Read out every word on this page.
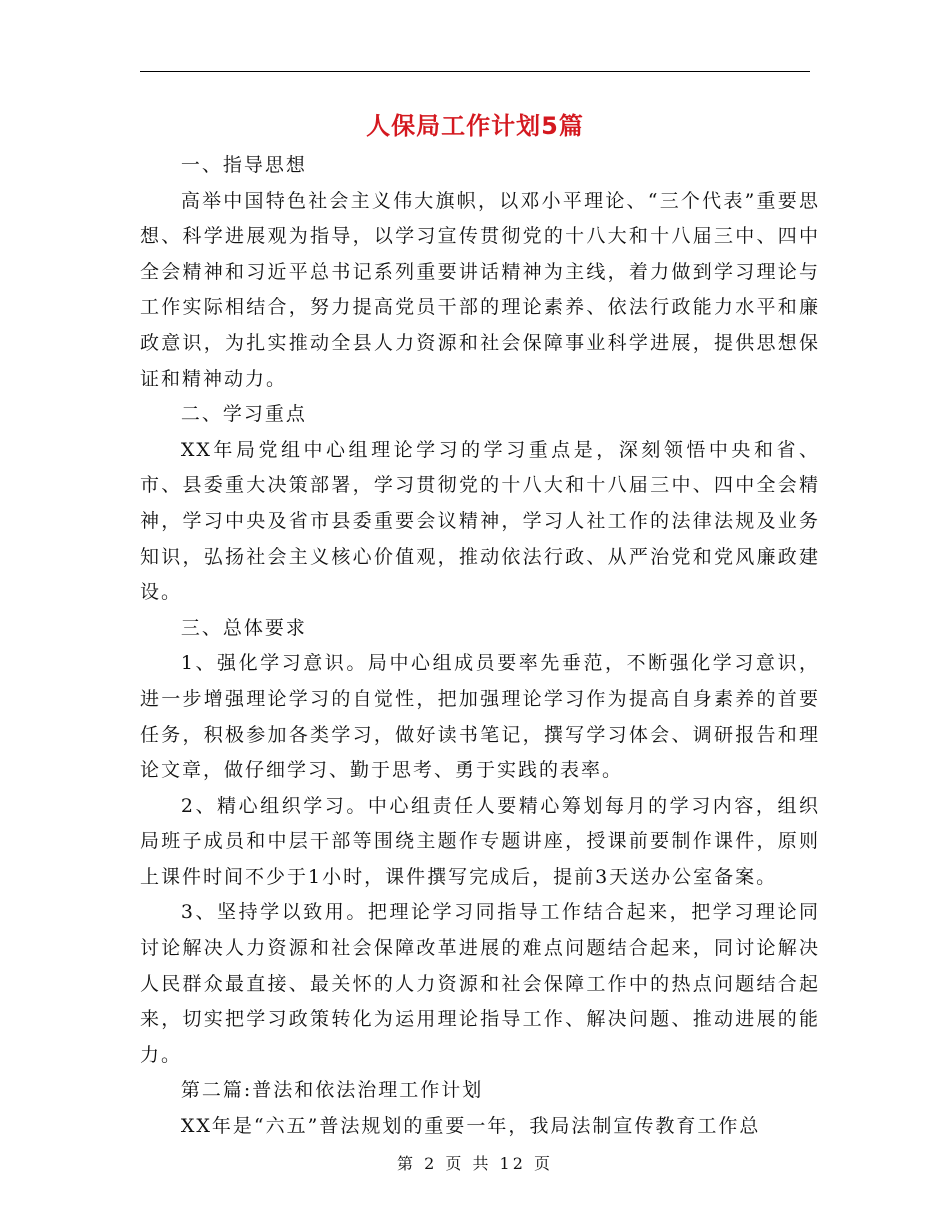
人保局工作计划5篇

一、指导思想

高举中国特色社会主义伟大旗帜，以邓小平理论、“三个代表”重要思想、科学进展观为指导，以学习宣传贯彻党的十八大和十八届三中、四中全会精神和习近平总书记系列重要讲话精神为主线，着力做到学习理论与工作实际相结合，努力提高党员干部的理论素养、依法行政能力水平和廉政意识，为扎实推动全县人力资源和社会保障事业科学进展，提供思想保证和精神动力。

二、学习重点

XX年局党组中心组理论学习的学习重点是，深刻领悟中央和省、市、县委重大决策部署，学习贯彻党的十八大和十八届三中、四中全会精神，学习中央及省市县委重要会议精神，学习人社工作的法律法规及业务知识，弘扬社会主义核心价值观，推动依法行政、从严治党和党风廉政建设。

三、总体要求

1、强化学习意识。局中心组成员要率先垂范，不断强化学习意识，进一步增强理论学习的自觉性，把加强理论学习作为提高自身素养的首要任务，积极参加各类学习，做好读书笔记，撰写学习体会、调研报告和理论文章，做仔细学习、勤于思考、勇于实践的表率。

2、精心组织学习。中心组责任人要精心筹划每月的学习内容，组织局班子成员和中层干部等围绕主题作专题讲座，授课前要制作课件，原则上课件时间不少于1小时，课件撰写完成后，提前3天送办公室备案。

3、坚持学以致用。把理论学习同指导工作结合起来，把学习理论同讨论解决人力资源和社会保障改革进展的难点问题结合起来，同讨论解决人民群众最直接、最关怀的人力资源和社会保障工作中的热点问题结合起来，切实把学习政策转化为运用理论指导工作、解决问题、推动进展的能力。

第二篇:普法和依法治理工作计划

XX年是“六五”普法规划的重要一年，我局法制宣传教育工作总

第 2 页 共 12 页
